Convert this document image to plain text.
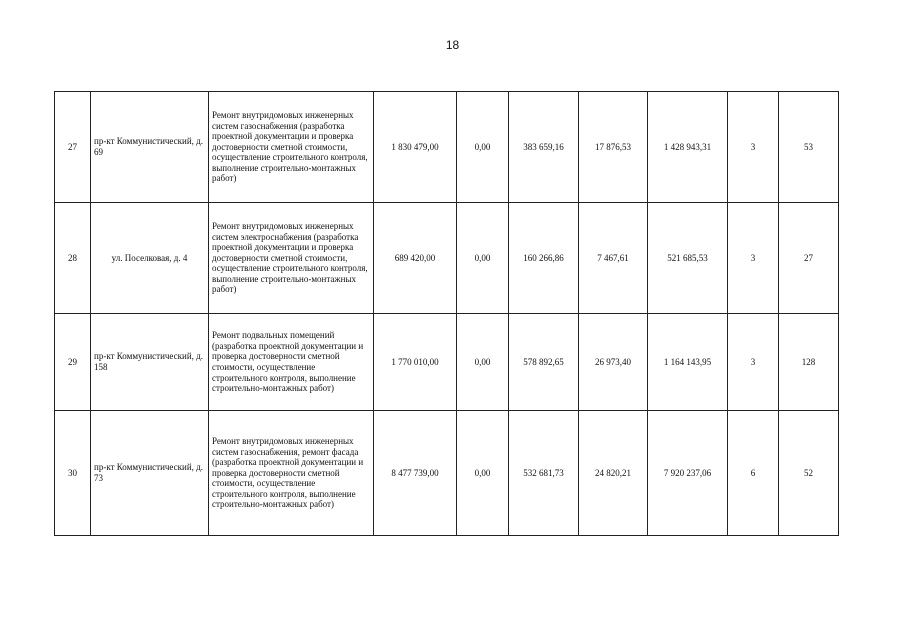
18
27	пр-кт Коммунистический, д. 69	Ремонт внутридомовых инженерных систем газоснабжения (разработка проектной документации и проверка достоверности сметной стоимости, осуществление строительного контроля, выполнение строительно-монтажных работ)	1 830 479,00	0,00	383 659,16	17 876,53	1 428 943,31	3	53
28	ул. Поселковая, д. 4	Ремонт внутридомовых инженерных систем электроснабжения (разработка проектной документации и проверка достоверности сметной стоимости, осуществление строительного контроля, выполнение строительно-монтажных работ)	689 420,00	0,00	160 266,86	7 467,61	521 685,53	3	27
29	пр-кт Коммунистический, д. 158	Ремонт подвальных помещений (разработка проектной документации и проверка достоверности сметной стоимости, осуществление строительного контроля, выполнение строительно-монтажных работ)	1 770 010,00	0,00	578 892,65	26 973,40	1 164 143,95	3	128
30	пр-кт Коммунистический, д. 73	Ремонт внутридомовых инженерных систем газоснабжения, ремонт фасада (разработка проектной документации и проверка достоверности сметной стоимости, осуществление строительного контроля, выполнение строительно-монтажных работ)	8 477 739,00	0,00	532 681,73	24 820,21	7 920 237,06	6	52
